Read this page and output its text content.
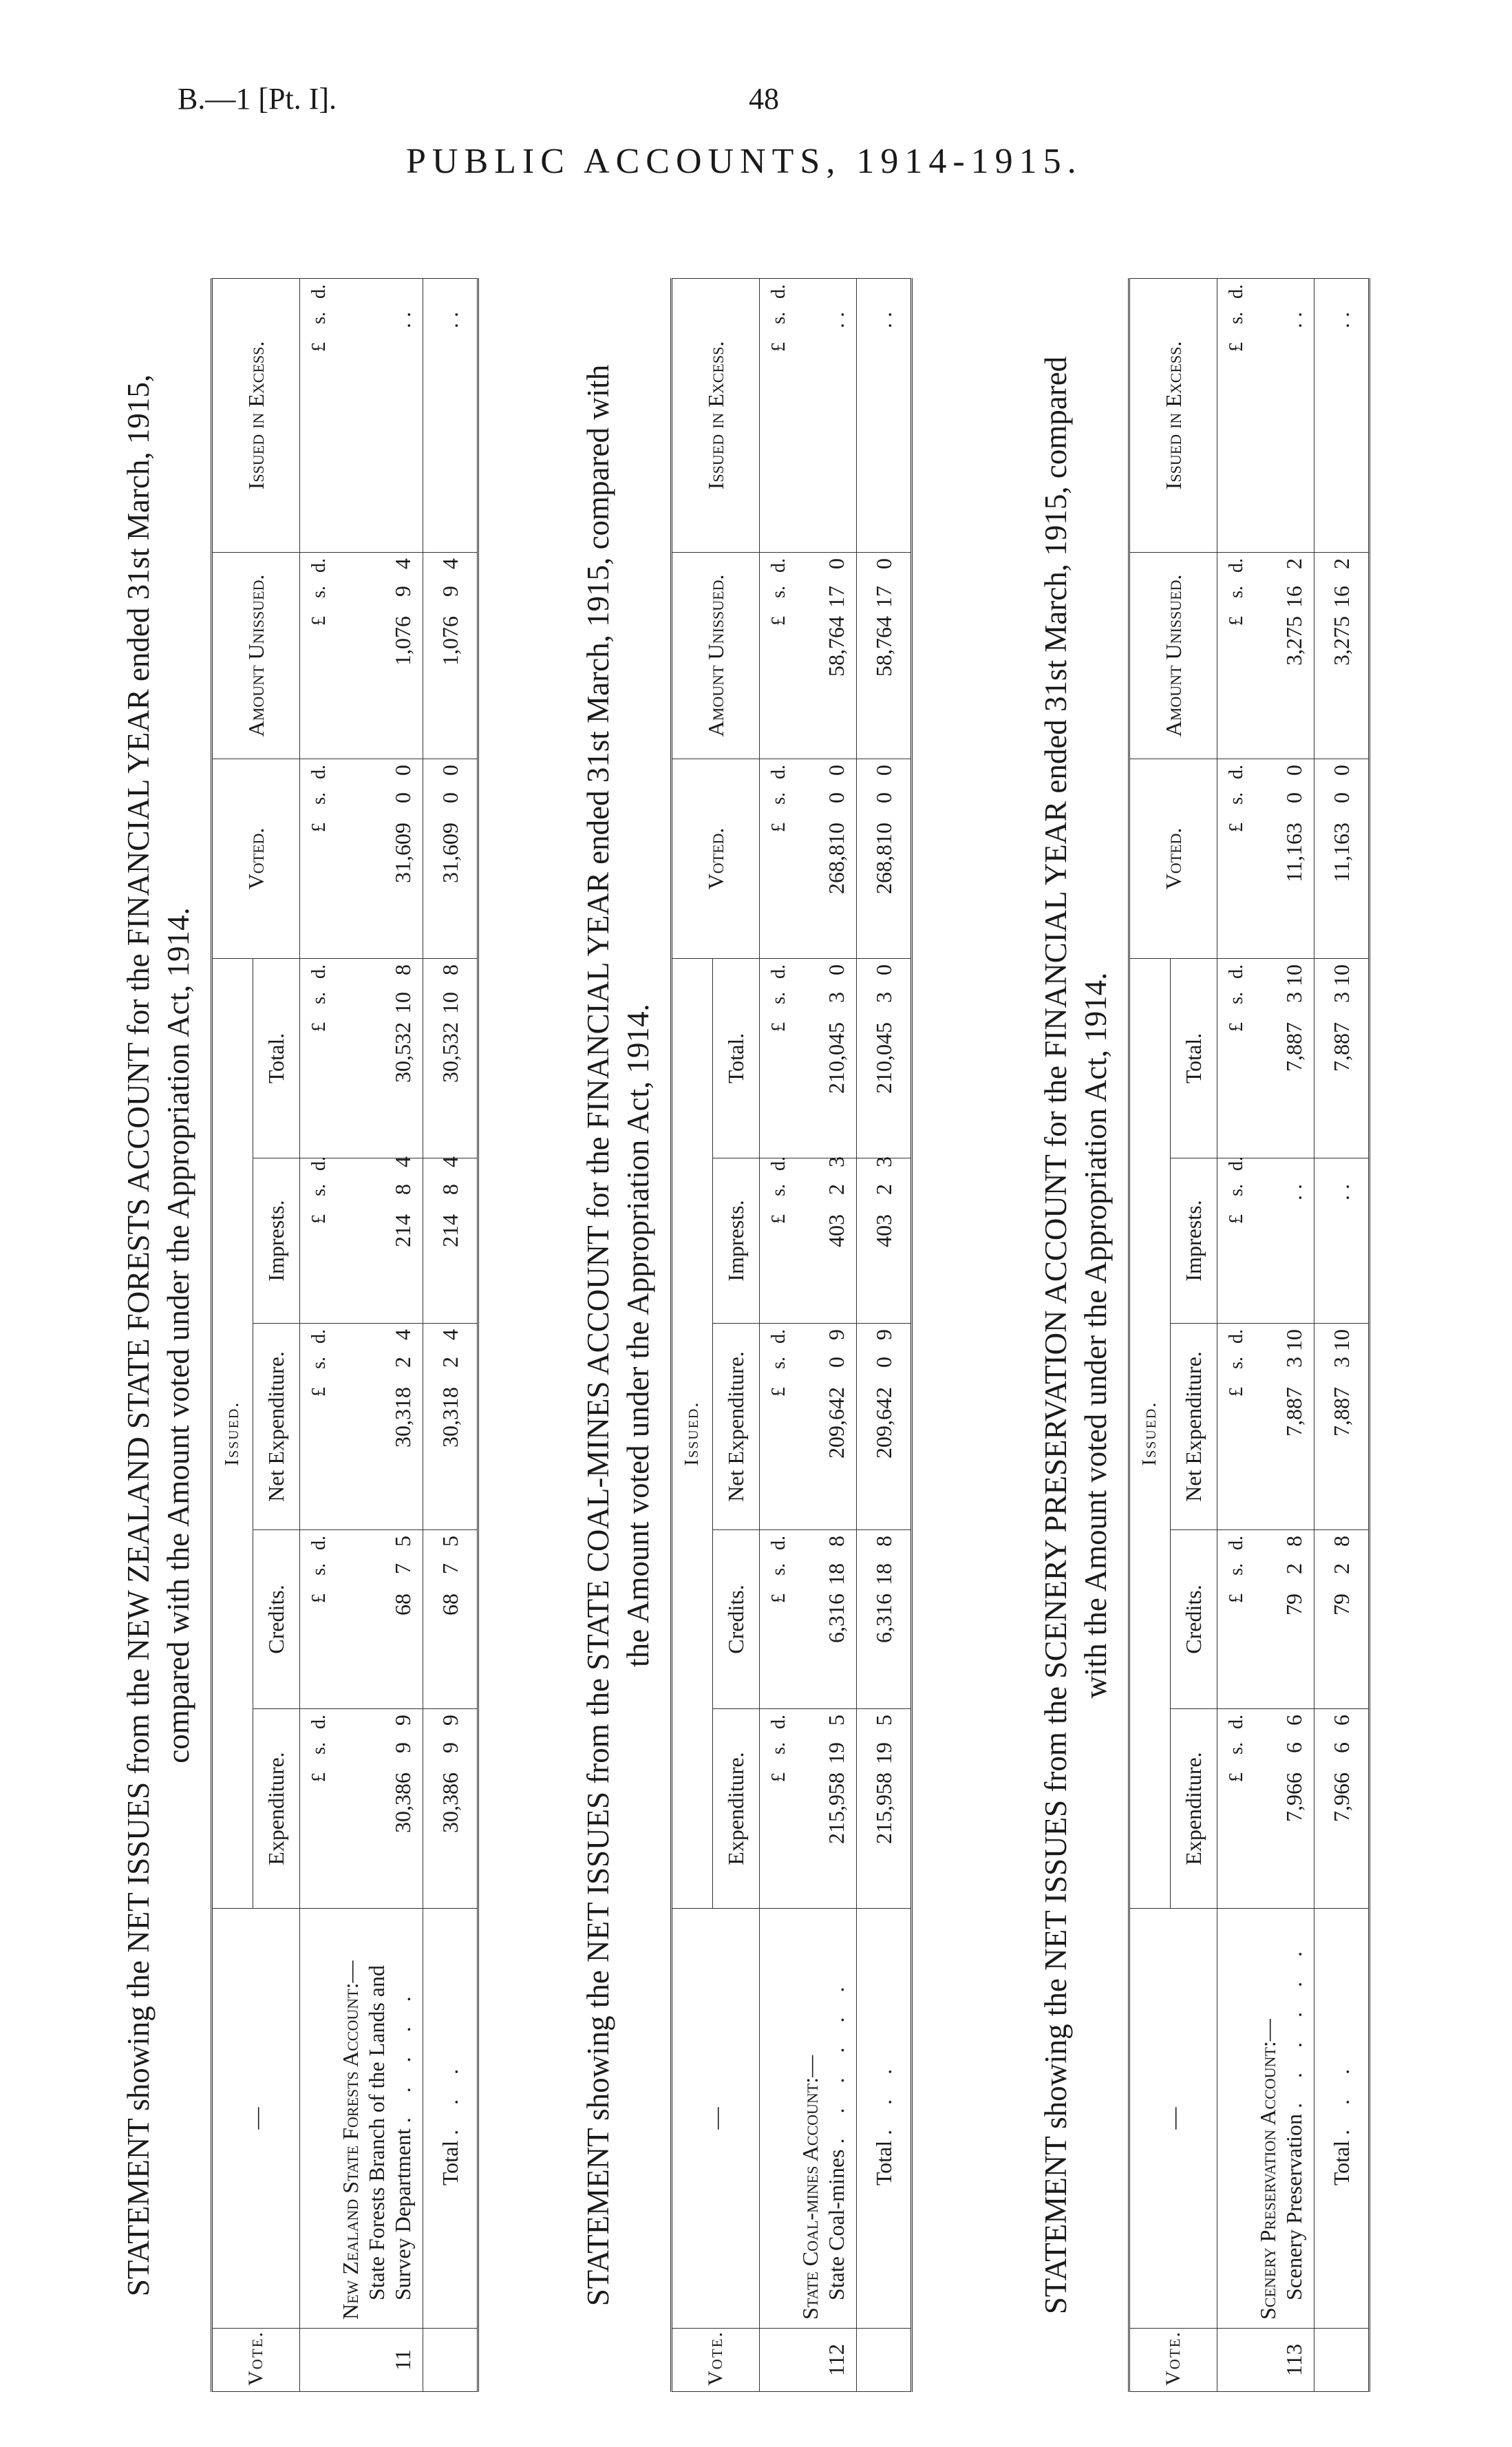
B.—1 [Pt. I].	48
PUBLIC ACCOUNTS, 1914-1915.
STATEMENT showing the NET ISSUES from the NEW ZEALAND STATE FORESTS ACCOUNT for the FINANCIAL YEAR ended 31st March, 1915, compared with the Amount voted under the Appropriation Act, 1914.
Vote.	—	Issued.					Voted.	Amount Unissued.	Issued in Excess.
		Expenditure.	Credits.	Net Expenditure.	Imprests.	Total.			
		£s.d.	£s.d.	£s.d.	£s.d.	£s.d.	£s.d.	£s.d.	£s.d.
11	New Zealand State Forests Account:— State Forests Branch of the Lands and Survey Department . . . . .	30,38699	6875	30,31824	21484	30,532108	31,60900	1,07694	. .
	Total . . .	30,38699	6875	30,31824	21484	30,532108	31,60900	1,07694	. .
STATEMENT showing the NET ISSUES from the STATE COAL-MINES ACCOUNT for the FINANCIAL YEAR ended 31st March, 1915, compared with the Amount voted under the Appropriation Act, 1914.
Vote.	—	Issued.					Voted.	Amount Unissued.	Issued in Excess.
		Expenditure.	Credits.	Net Expenditure.	Imprests.	Total.			
		£s.d.	£s.d.	£s.d.	£s.d.	£s.d.	£s.d.	£s.d.	£s.d.
112	State Coal-mines Account:— State Coal-mines . . . . . .	215,958195	6,316188	209,64209	40323	210,04530	268,81000	58,764170	. .
	Total . . .	215,958195	6,316188	209,64209	40323	210,04530	268,81000	58,764170	. .
STATEMENT showing the NET ISSUES from the SCENERY PRESERVATION ACCOUNT for the FINANCIAL YEAR ended 31st March, 1915, compared with the Amount voted under the Appropriation Act, 1914.
Vote.	—	Issued.					Voted.	Amount Unissued.	Issued in Excess.
		Expenditure.	Credits.	Net Expenditure.	Imprests.	Total.			
		£s.d.	£s.d.	£s.d.	£s.d.	£s.d.	£s.d.	£s.d.	£s.d.
113	Scenery Preservation Account:— Scenery Preservation . . . . . .	7,96666	7928	7,887310	. .	7,887310	11,16300	3,275162	. .
	Total . . .	7,96666	7928	7,887310	. .	7,887310	11,16300	3,275162	. .
